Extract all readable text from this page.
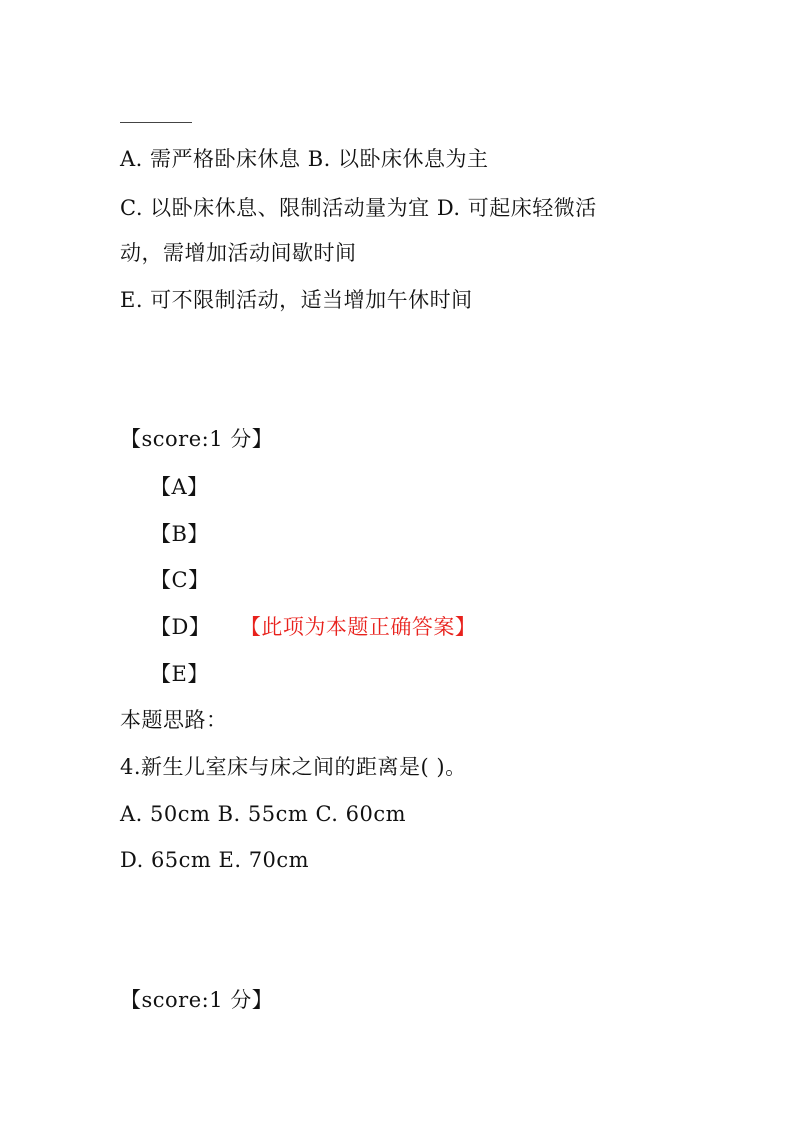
A. 需严格卧床休息 B. 以卧床休息为主
C. 以卧床休息、限制活动量为宜 D. 可起床轻微活
动，需增加活动间歇时间
E. 可不限制活动，适当增加午休时间
【score:1 分】
【A】
【B】
【C】
【D】 【此项为本题正确答案】
【E】
本题思路：
4.新生儿室床与床之间的距离是( )。
A. 50cm B. 55cm C. 60cm
D. 65cm E. 70cm
【score:1 分】
